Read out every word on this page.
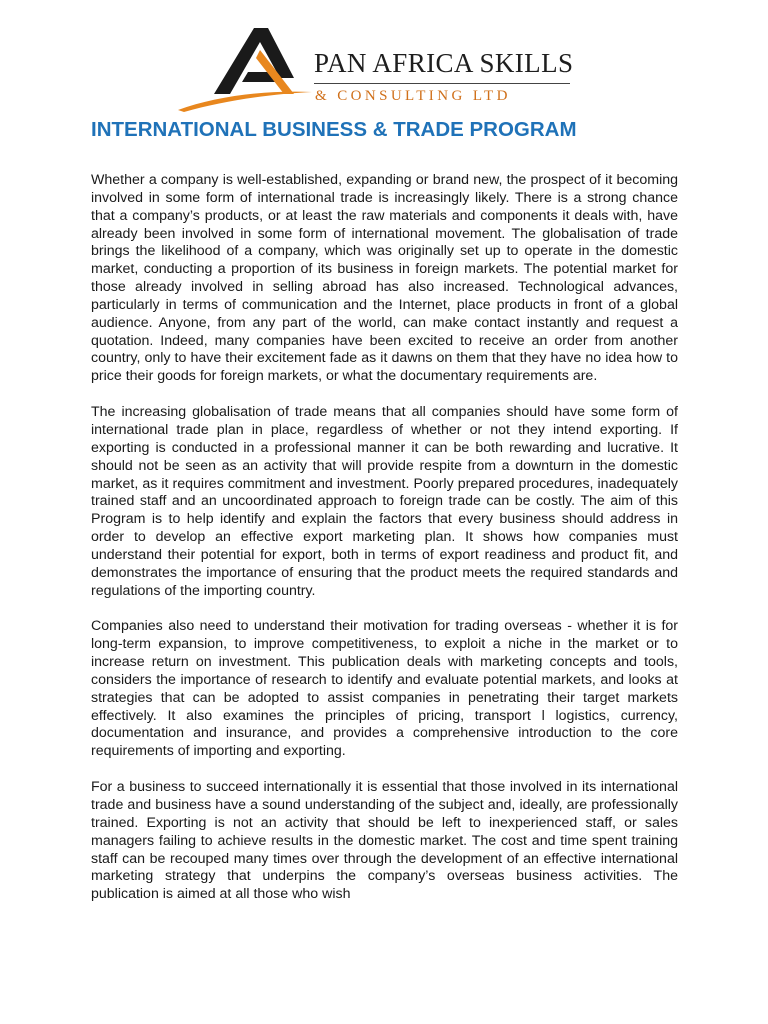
PAN AFRICA SKILLS
& CONSULTING LTD
INTERNATIONAL BUSINESS & TRADE PROGRAM

Whether a company is well-established, expanding or brand new, the prospect of it becoming involved in some form of international trade is increasingly likely. There is a strong chance that a company’s products, or at least the raw materials and components it deals with, have already been involved in some form of international movement. The globalisation of trade brings the likelihood of a company, which was originally set up to operate in the domestic market, conducting a proportion of its business in foreign markets. The potential market for those already involved in selling abroad has also increased. Technological advances, particularly in terms of communication and the Internet, place products in front of a global audience. Anyone, from any part of the world, can make contact instantly and request a quotation. Indeed, many companies have been excited to receive an order from another country, only to have their excitement fade as it dawns on them that they have no idea how to price their goods for foreign markets, or what the documentary requirements are.

The increasing globalisation of trade means that all companies should have some form of international trade plan in place, regardless of whether or not they intend exporting. If exporting is conducted in a professional manner it can be both rewarding and lucrative. It should not be seen as an activity that will provide respite from a downturn in the domestic market, as it requires commitment and investment. Poorly prepared procedures, inadequately trained staff and an uncoordinated approach to foreign trade can be costly. The aim of this Program is to help identify and explain the factors that every business should address in order to develop an effective export marketing plan. It shows how companies must understand their potential for export, both in terms of export readiness and product fit, and demonstrates the importance of ensuring that the product meets the required standards and regulations of the importing country.

Companies also need to understand their motivation for trading overseas - whether it is for long-term expansion, to improve competitiveness, to exploit a niche in the market or to increase return on investment. This publication deals with marketing concepts and tools, considers the importance of research to identify and evaluate potential markets, and looks at strategies that can be adopted to assist companies in penetrating their target markets effectively. It also examines the principles of pricing, transport l logistics, currency, documentation and insurance, and provides a comprehensive introduction to the core requirements of importing and exporting.

For a business to succeed internationally it is essential that those involved in its international trade and business have a sound understanding of the subject and, ideally, are professionally trained. Exporting is not an activity that should be left to inexperienced staff, or sales managers failing to achieve results in the domestic market. The cost and time spent training staff can be recouped many times over through the development of an effective international marketing strategy that underpins the company’s overseas business activities. The publication is aimed at all those who wish
